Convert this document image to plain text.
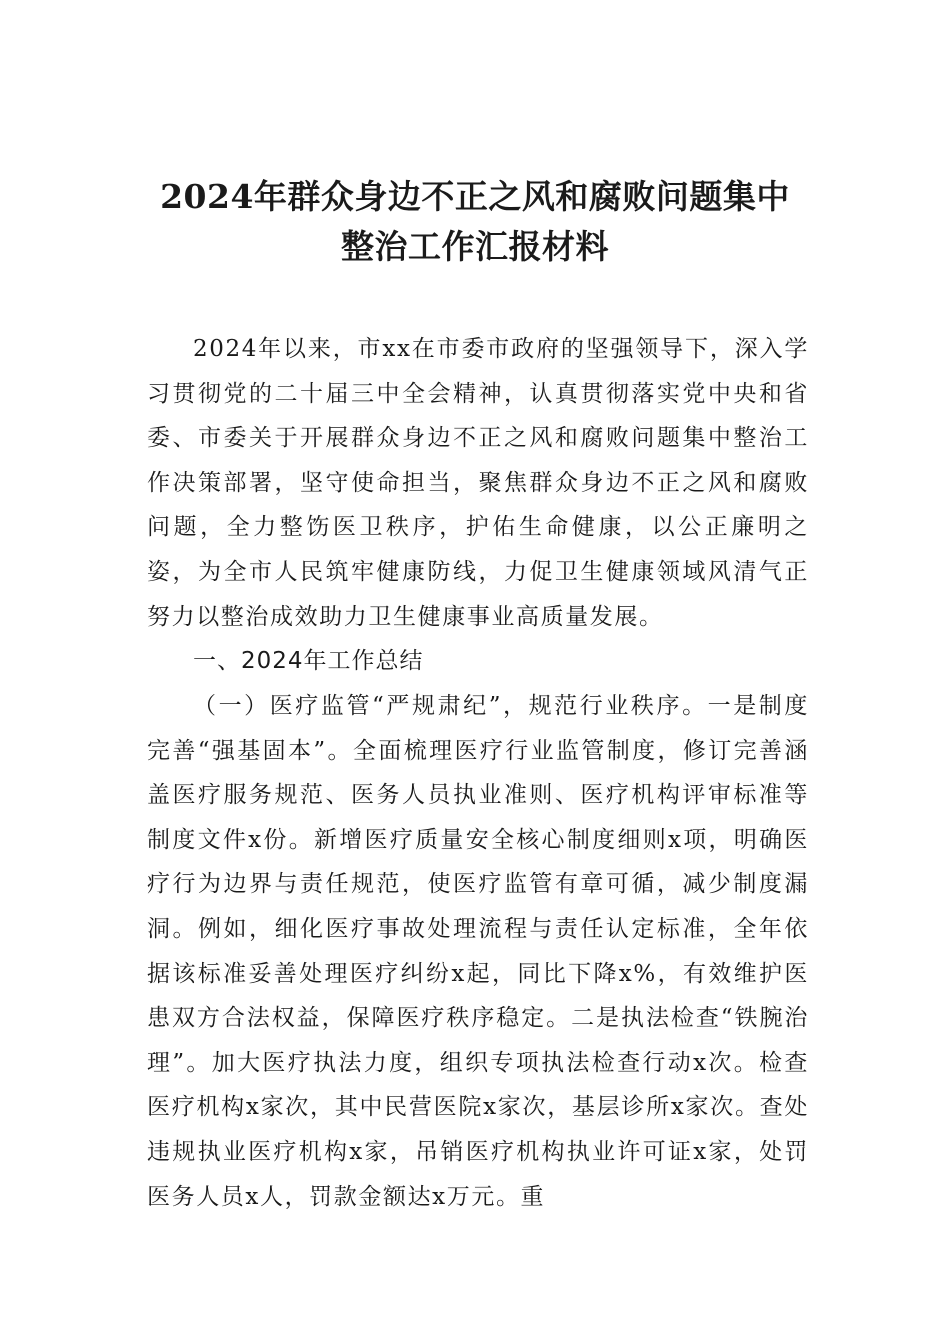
2024年群众身边不正之风和腐败问题集中
整治工作汇报材料

2024年以来，市xx在市委市政府的坚强领导下，深入学习贯彻党的二十届三中全会精神，认真贯彻落实党中央和省委、市委关于开展群众身边不正之风和腐败问题集中整治工作决策部署，坚守使命担当，聚焦群众身边不正之风和腐败问题，全力整饬医卫秩序，护佑生命健康，以公正廉明之姿，为全市人民筑牢健康防线，力促卫生健康领域风清气正努力以整治成效助力卫生健康事业高质量发展。

一、2024年工作总结

（一）医疗监管“严规肃纪”，规范行业秩序。一是制度完善“强基固本”。全面梳理医疗行业监管制度，修订完善涵盖医疗服务规范、医务人员执业准则、医疗机构评审标准等制度文件x份。新增医疗质量安全核心制度细则x项，明确医疗行为边界与责任规范，使医疗监管有章可循，减少制度漏洞。例如，细化医疗事故处理流程与责任认定标准，全年依据该标准妥善处理医疗纠纷x起，同比下降x%，有效维护医患双方合法权益，保障医疗秩序稳定。二是执法检查“铁腕治理”。加大医疗执法力度，组织专项执法检查行动x次。检查医疗机构x家次，其中民营医院x家次，基层诊所x家次。查处违规执业医疗机构x家，吊销医疗机构执业许可证x家，处罚医务人员x人，罚款金额达x万元。重
